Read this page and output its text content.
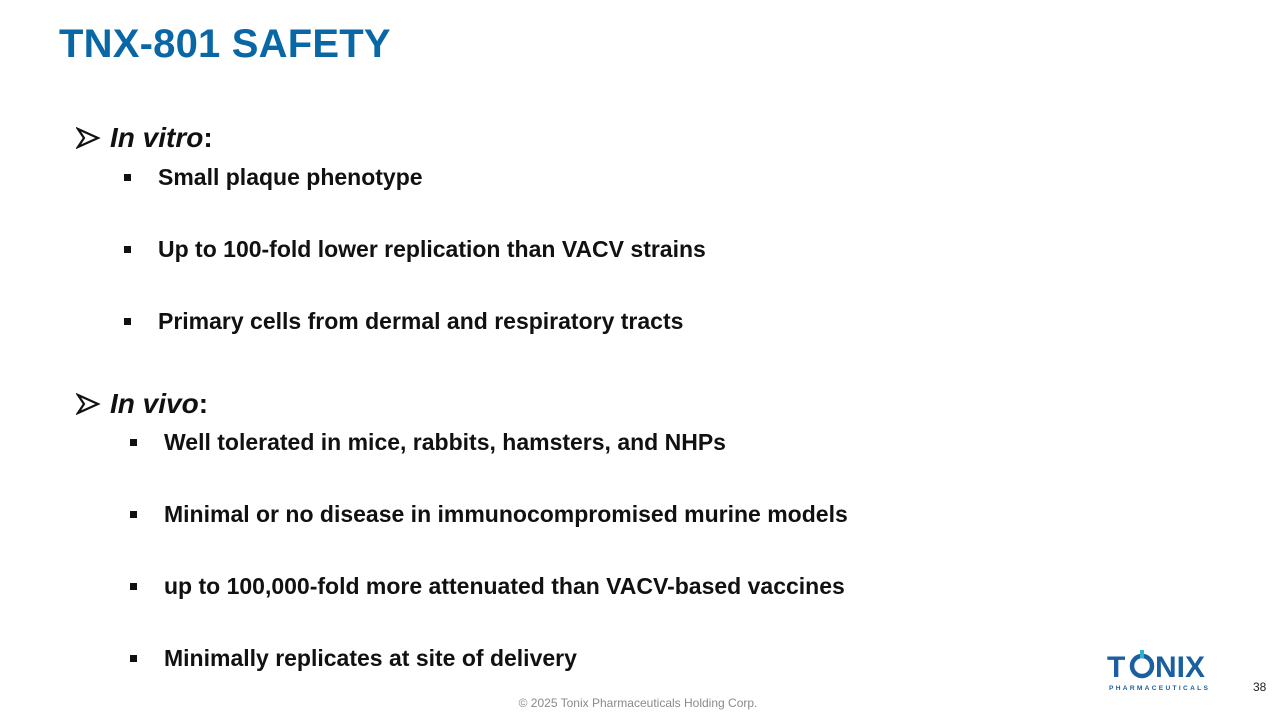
TNX-801 SAFETY
In vitro :
Small plaque phenotype
Up to 100-fold lower replication than VACV strains
Primary cells from dermal and respiratory tracts
In vivo :
Well tolerated in mice, rabbits, hamsters, and NHPs
Minimal or no disease in immunocompromised murine models
up to 100,000-fold more attenuated than VACV-based vaccines
Minimally replicates at site of delivery	T NIX
PHARMACEUTICALS	38
© 2025 Tonix Pharmaceuticals Holding Corp.
